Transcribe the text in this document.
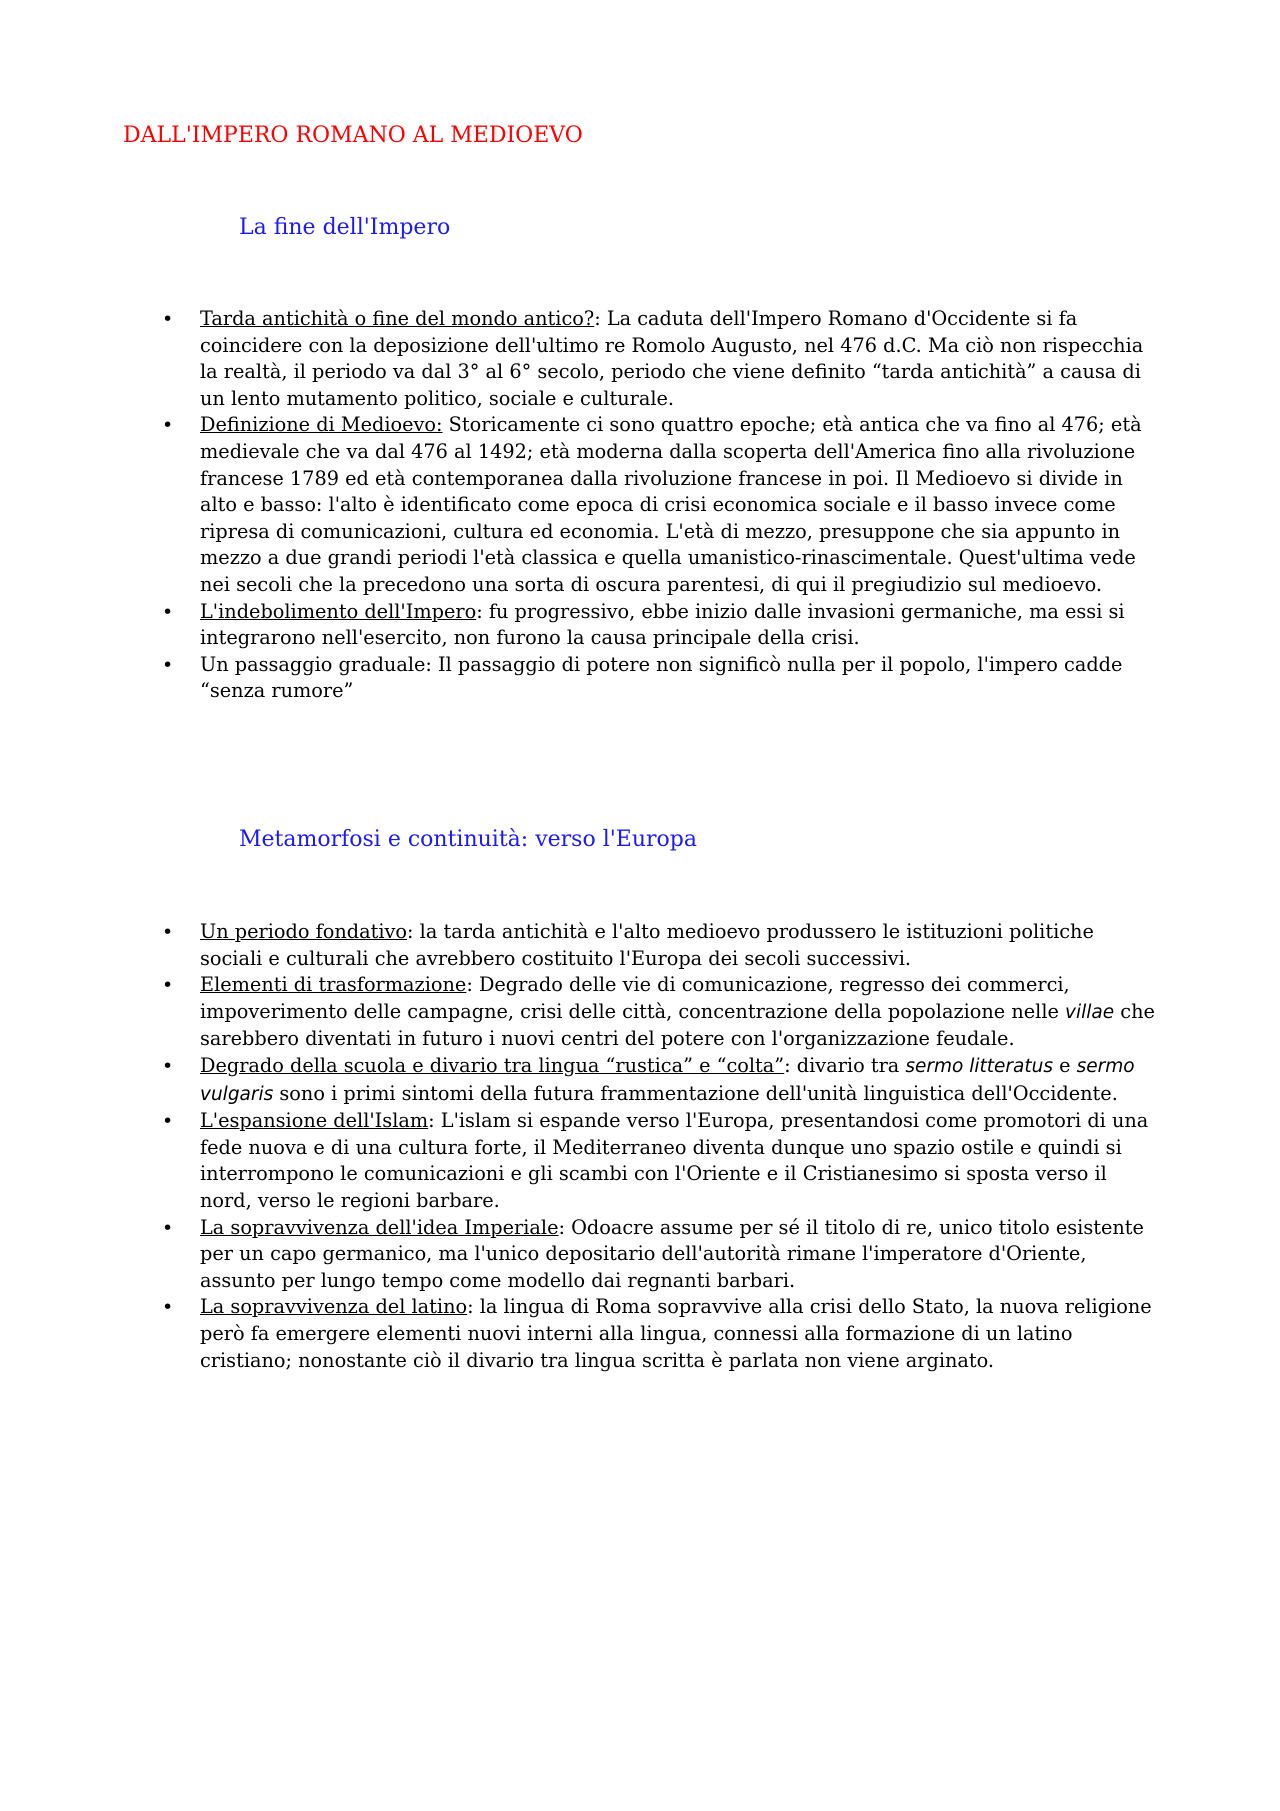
DALL'IMPERO ROMANO AL MEDIOEVO
La fine dell'Impero
• Tarda antichità o fine del mondo antico?: La caduta dell'Impero Romano d'Occidente si fa coincidere con la deposizione dell'ultimo re Romolo Augusto, nel 476 d.C. Ma ciò non rispecchia la realtà, il periodo va dal 3° al 6° secolo, periodo che viene definito “tarda antichità” a causa di un lento mutamento politico, sociale e culturale.
• Definizione di Medioevo: Storicamente ci sono quattro epoche; età antica che va fino al 476; età medievale che va dal 476 al 1492; età moderna dalla scoperta dell'America fino alla rivoluzione francese 1789 ed età contemporanea dalla rivoluzione francese in poi. Il Medioevo si divide in alto e basso: l'alto è identificato come epoca di crisi economica sociale e il basso invece come ripresa di comunicazioni, cultura ed economia. L'età di mezzo, presuppone che sia appunto in mezzo a due grandi periodi l'età classica e quella umanistico-rinascimentale. Quest'ultima vede nei secoli che la precedono una sorta di oscura parentesi, di qui il pregiudizio sul medioevo.
• L'indebolimento dell'Impero: fu progressivo, ebbe inizio dalle invasioni germaniche, ma essi si integrarono nell'esercito, non furono la causa principale della crisi.
• Un passaggio graduale: Il passaggio di potere non significò nulla per il popolo, l'impero cadde “senza rumore”
Metamorfosi e continuità: verso l'Europa
• Un periodo fondativo: la tarda antichità e l'alto medioevo produssero le istituzioni politiche sociali e culturali che avrebbero costituito l'Europa dei secoli successivi.
• Elementi di trasformazione: Degrado delle vie di comunicazione, regresso dei commerci, impoverimento delle campagne, crisi delle città, concentrazione della popolazione nelle villae che sarebbero diventati in futuro i nuovi centri del potere con l'organizzazione feudale.
• Degrado della scuola e divario tra lingua “rustica” e “colta”: divario tra sermo litteratus e sermo vulgaris sono i primi sintomi della futura frammentazione dell'unità linguistica dell'Occidente.
• L'espansione dell'Islam: L'islam si espande verso l'Europa, presentandosi come promotori di una fede nuova e di una cultura forte, il Mediterraneo diventa dunque uno spazio ostile e quindi si interrompono le comunicazioni e gli scambi con l'Oriente e il Cristianesimo si sposta verso il nord, verso le regioni barbare.
• La sopravvivenza dell'idea Imperiale: Odoacre assume per sé il titolo di re, unico titolo esistente per un capo germanico, ma l'unico depositario dell'autorità rimane l'imperatore d'Oriente, assunto per lungo tempo come modello dai regnanti barbari.
• La sopravvivenza del latino: la lingua di Roma sopravvive alla crisi dello Stato, la nuova religione però fa emergere elementi nuovi interni alla lingua, connessi alla formazione di un latino cristiano; nonostante ciò il divario tra lingua scritta è parlata non viene arginato.
